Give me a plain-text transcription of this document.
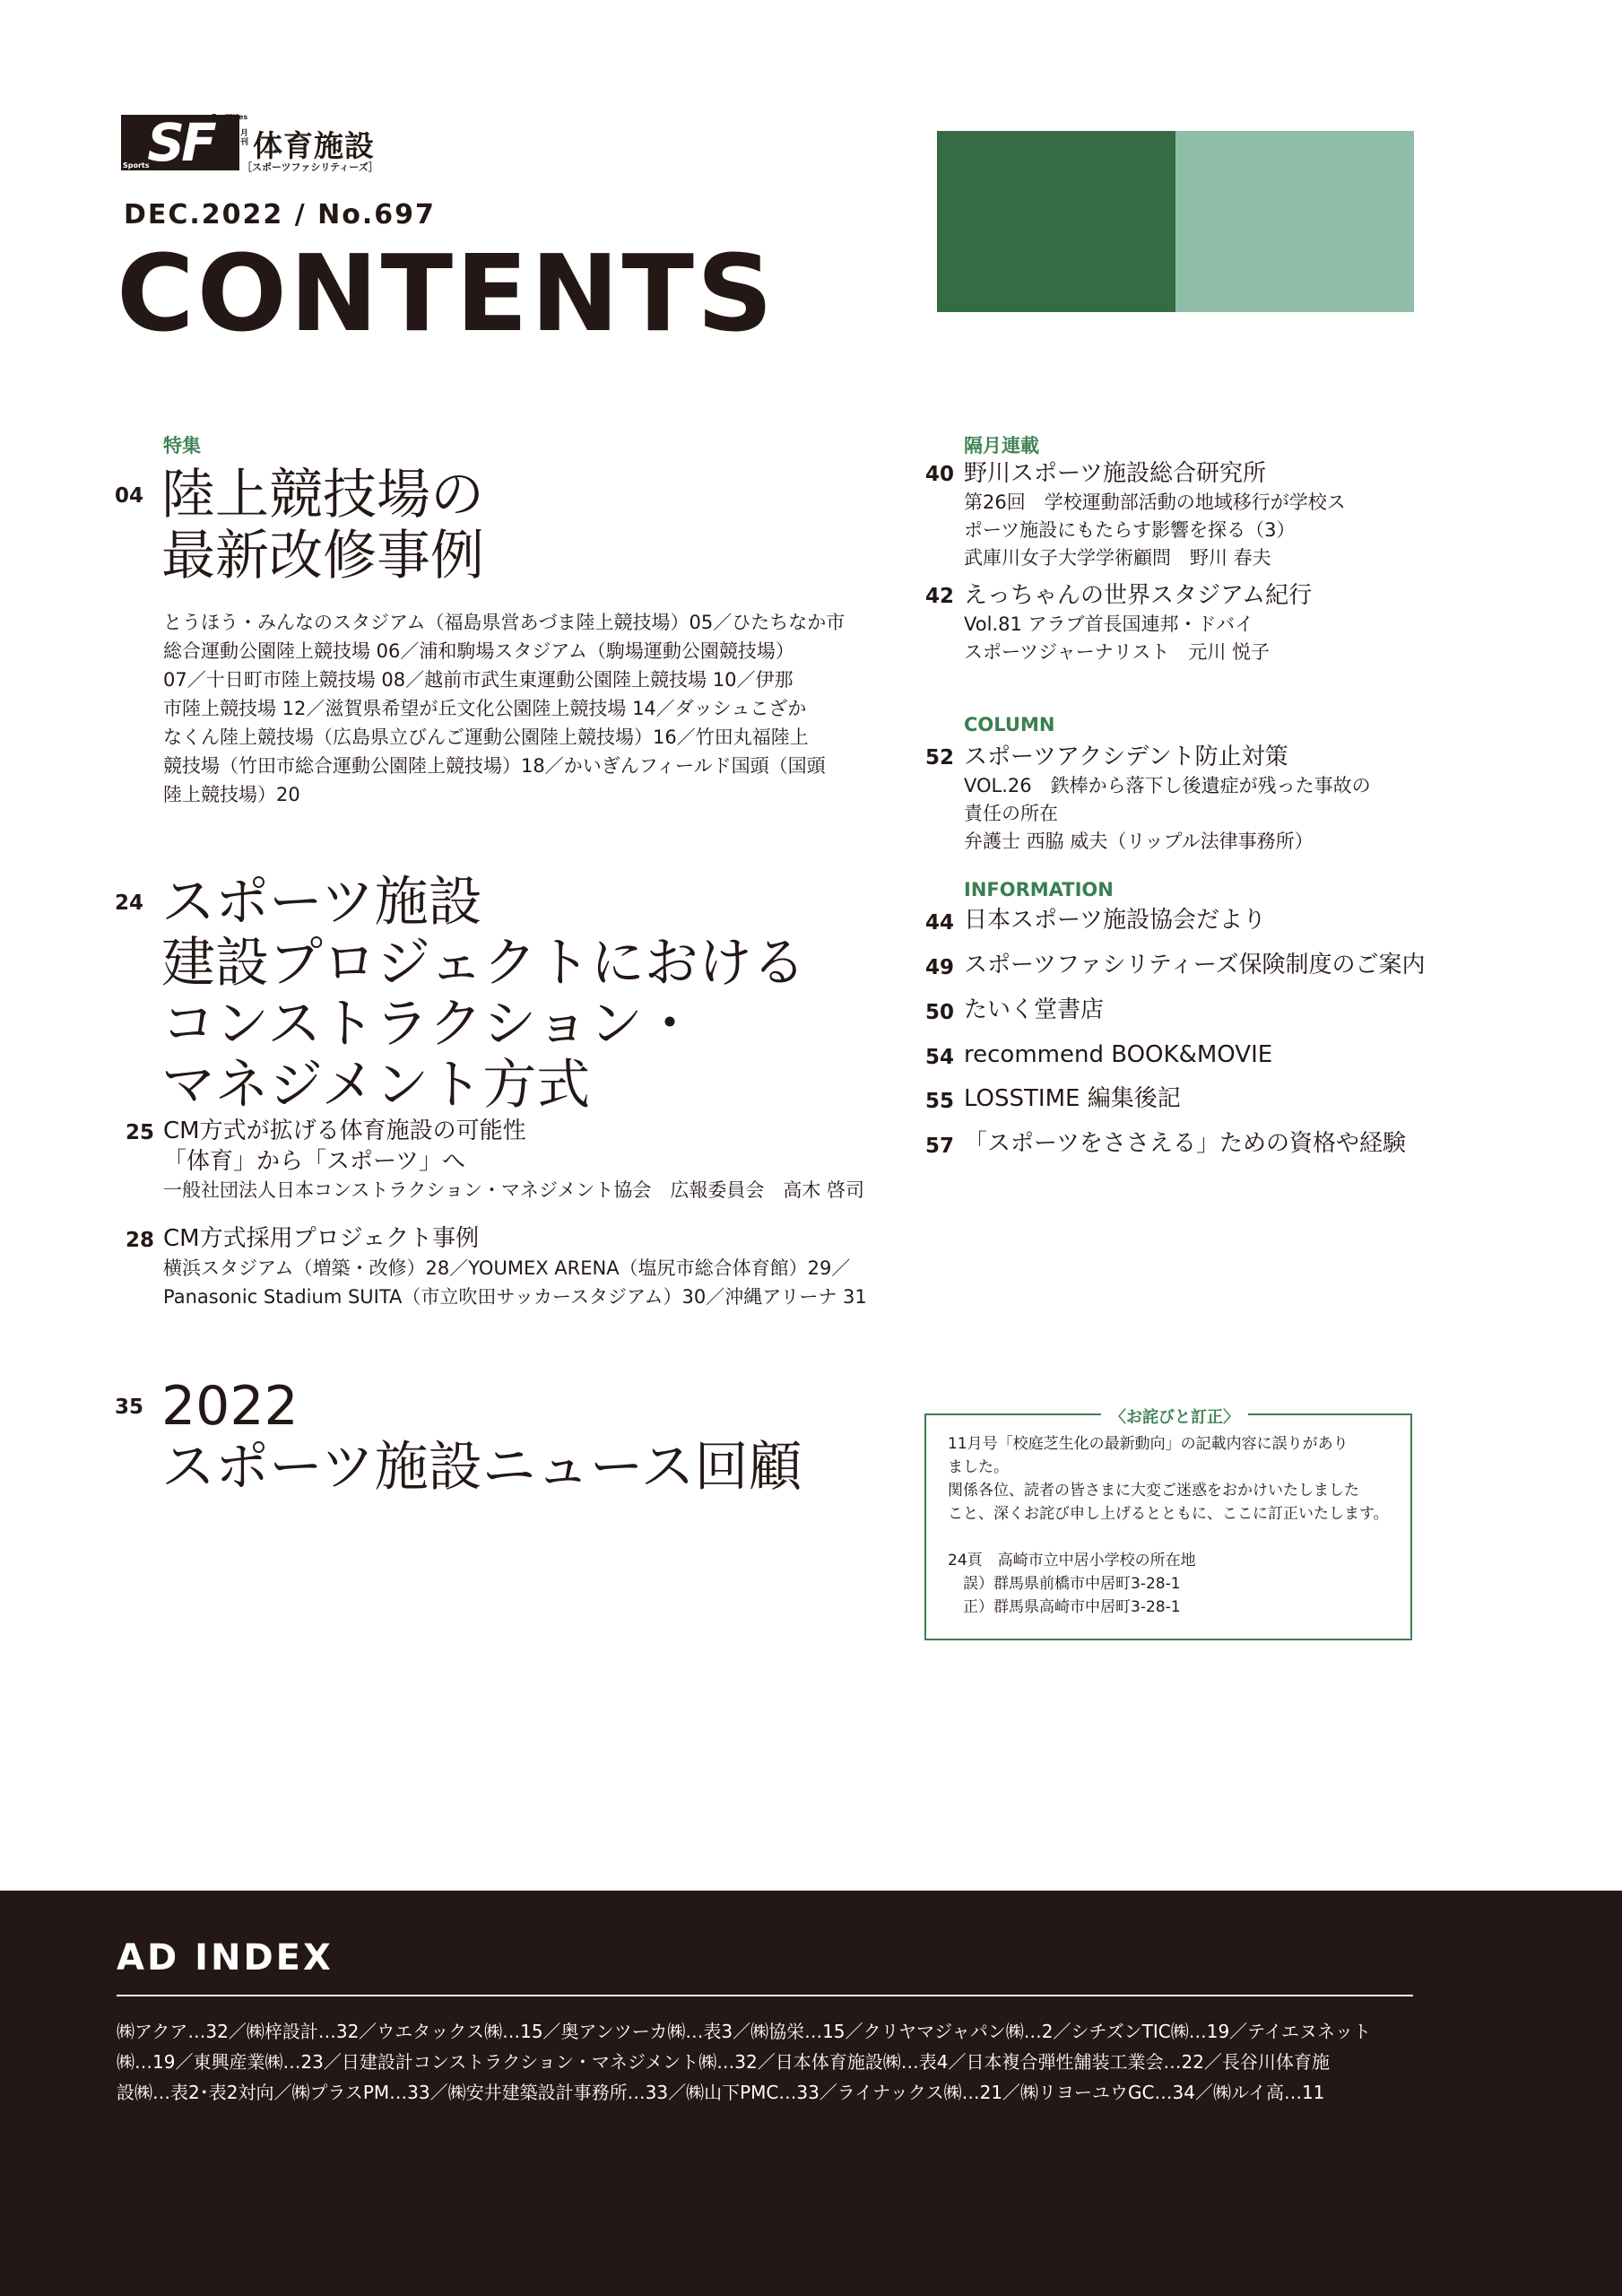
SF
Facilities
Sports
月刊 体育施設
［スポーツファシリティーズ］
DEC.2022 / No.697
CONTENTS
特集
04 陸上競技場の
最新改修事例
とうほう・みんなのスタジアム（福島県営あづま陸上競技場）05／ひたちなか市
総合運動公園陸上競技場 06／浦和駒場スタジアム（駒場運動公園競技場）
07／十日町市陸上競技場 08／越前市武生東運動公園陸上競技場 10／伊那
市陸上競技場 12／滋賀県希望が丘文化公園陸上競技場 14／ダッシュこざか
なくん陸上競技場（広島県立びんご運動公園陸上競技場）16／竹田丸福陸上
競技場（竹田市総合運動公園陸上競技場）18／かいぎんフィールド国頭（国頭
陸上競技場）20
24 スポーツ施設
建設プロジェクトにおける
コンストラクション・
マネジメント方式
25 CM方式が拡げる体育施設の可能性
「体育」から「スポーツ」へ
一般社団法人日本コンストラクション・マネジメント協会　広報委員会　高木 啓司
28 CM方式採用プロジェクト事例
横浜スタジアム（増築・改修）28／YOUMEX ARENA（塩尻市総合体育館）29／
Panasonic Stadium SUITA（市立吹田サッカースタジアム）30／沖縄アリーナ 31
35 2022
スポーツ施設ニュース回顧
隔月連載
40 野川スポーツ施設総合研究所
第26回　学校運動部活動の地域移行が学校ス
ポーツ施設にもたらす影響を探る（3）
武庫川女子大学学術顧問　野川 春夫
42 えっちゃんの世界スタジアム紀行
Vol.81 アラブ首長国連邦・ドバイ
スポーツジャーナリスト　元川 悦子
COLUMN
52 スポーツアクシデント防止対策
VOL.26　鉄棒から落下し後遺症が残った事故の
責任の所在
弁護士 西脇 威夫（リップル法律事務所）
INFORMATION
44 日本スポーツ施設協会だより
49 スポーツファシリティーズ保険制度のご案内
50 たいく堂書店
54 recommend BOOK&MOVIE
55 LOSSTIME 編集後記
57 「スポーツをささえる」ための資格や経験
〈お詫びと訂正〉
11月号「校庭芝生化の最新動向」の記載内容に誤りがあり
ました。
関係各位、読者の皆さまに大変ご迷惑をおかけいたしました
こと、深くお詫び申し上げるとともに、ここに訂正いたします。
24頁　高崎市立中居小学校の所在地
　誤）群馬県前橋市中居町3-28-1
　正）群馬県高崎市中居町3-28-1
AD INDEX
㈱アクア…32／㈱梓設計…32／ウエタックス㈱…15／奥アンツーカ㈱…表3／㈱協栄…15／クリヤマジャパン㈱…2／シチズンTIC㈱…19／テイエヌネット
㈱…19／東興産業㈱…23／日建設計コンストラクション・マネジメント㈱…32／日本体育施設㈱…表4／日本複合弾性舗装工業会…22／長谷川体育施
設㈱…表2･表2対向／㈱プラスPM…33／㈱安井建築設計事務所…33／㈱山下PMC…33／ライナックス㈱…21／㈱リヨーユウGC…34／㈱ルイ高…11
